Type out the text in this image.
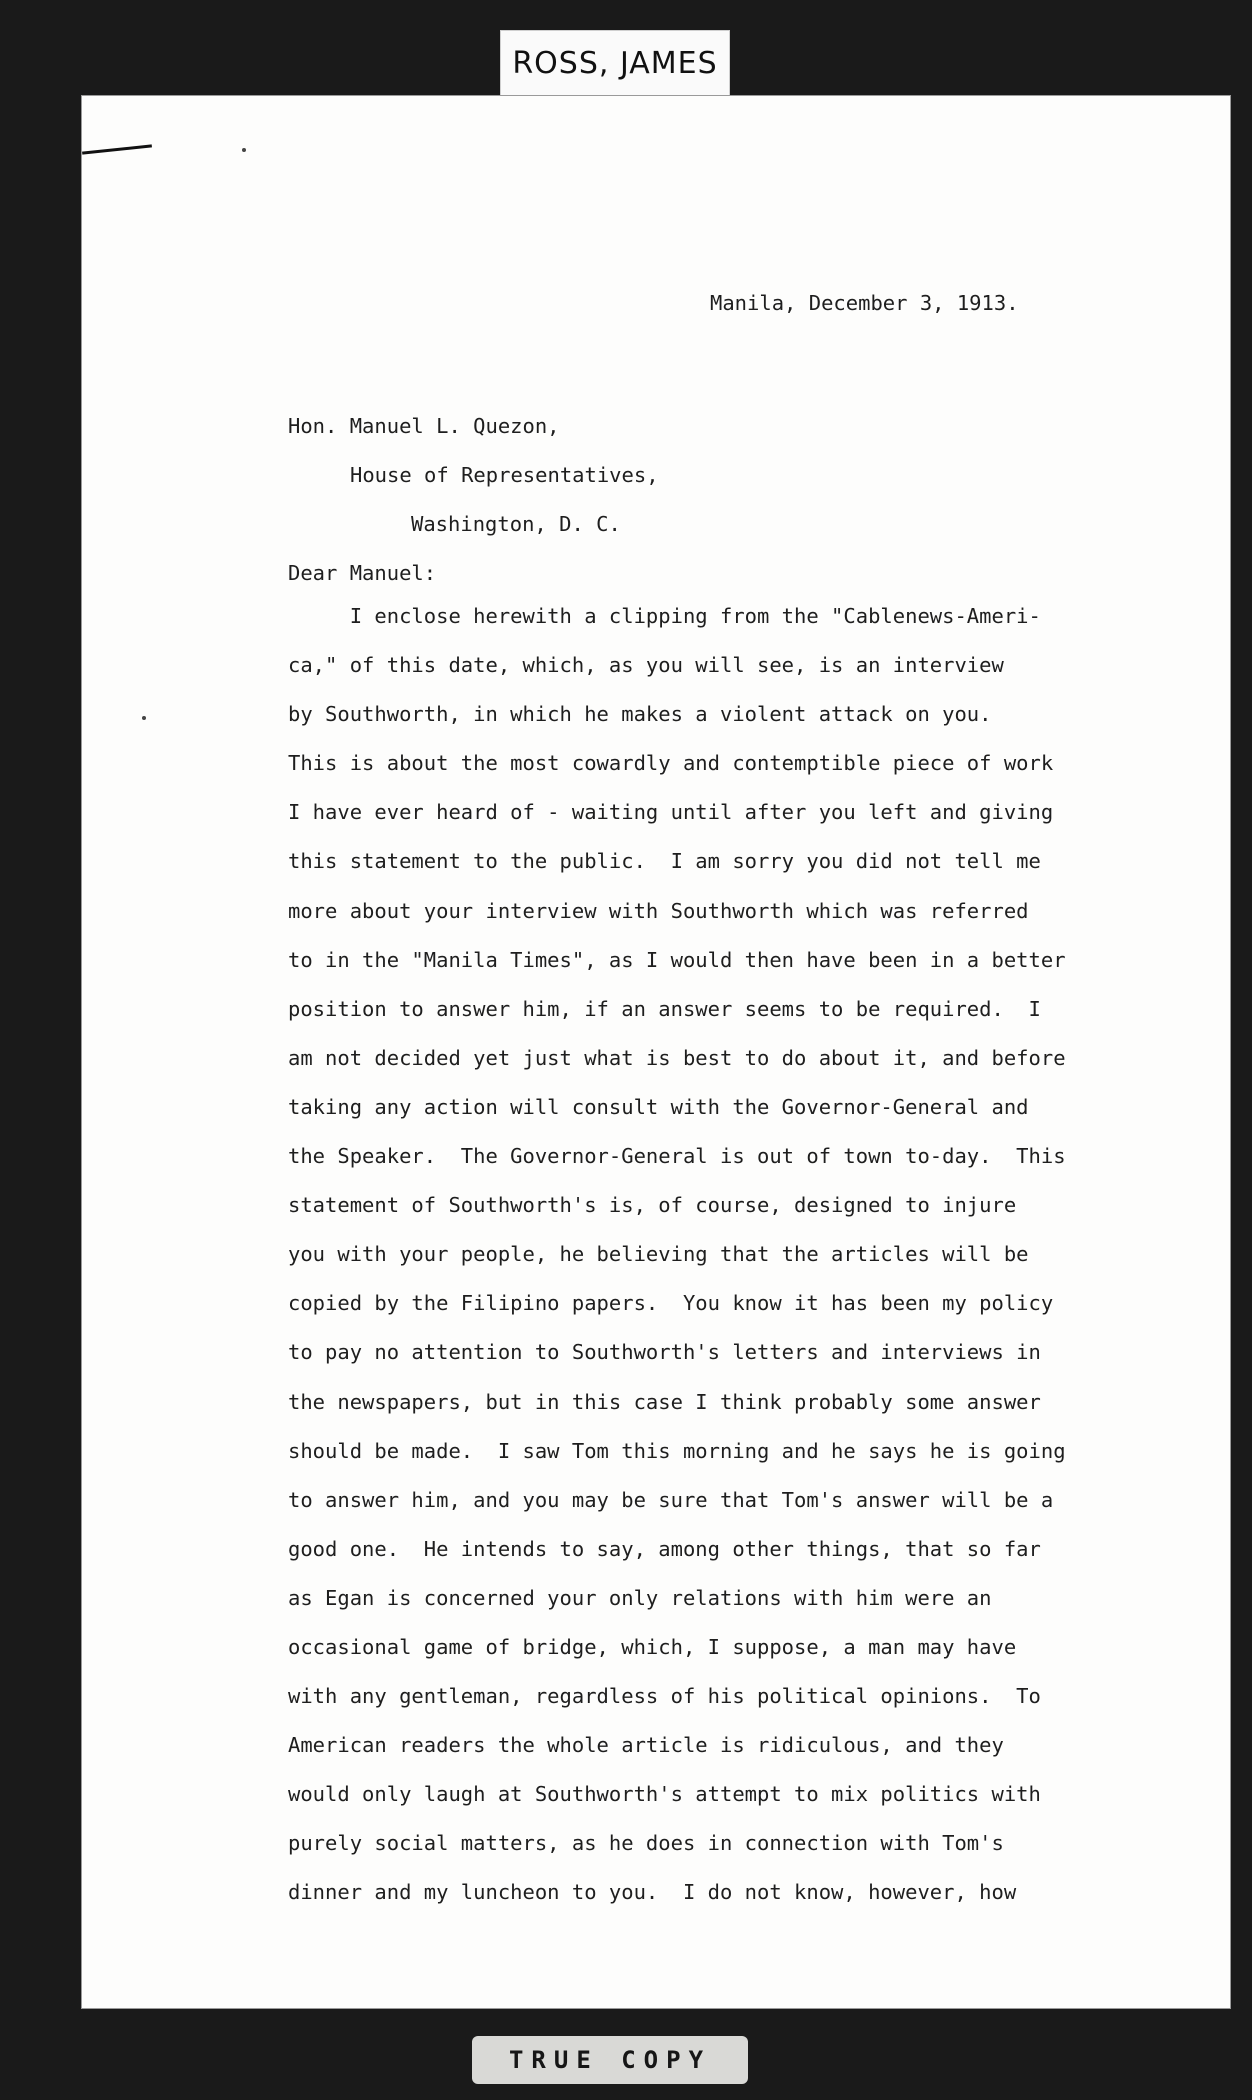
ROSS, JAMES
Manila, December 3, 1913.
Hon. Manuel L. Quezon,
House of Representatives,
Washington, D. C.
Dear Manuel:
I enclose herewith a clipping from the "Cablenews-Ameri-
ca," of this date, which, as you will see, is an interview
by Southworth, in which he makes a violent attack on you.
This is about the most cowardly and contemptible piece of work
I have ever heard of - waiting until after you left and giving
this statement to the public.  I am sorry you did not tell me
more about your interview with Southworth which was referred
to in the "Manila Times", as I would then have been in a better
position to answer him, if an answer seems to be required.  I
am not decided yet just what is best to do about it, and before
taking any action will consult with the Governor-General and
the Speaker.  The Governor-General is out of town to-day.  This
statement of Southworth's is, of course, designed to injure
you with your people, he believing that the articles will be
copied by the Filipino papers.  You know it has been my policy
to pay no attention to Southworth's letters and interviews in
the newspapers, but in this case I think probably some answer
should be made.  I saw Tom this morning and he says he is going
to answer him, and you may be sure that Tom's answer will be a
good one.  He intends to say, among other things, that so far
as Egan is concerned your only relations with him were an
occasional game of bridge, which, I suppose, a man may have
with any gentleman, regardless of his political opinions.  To
American readers the whole article is ridiculous, and they
would only laugh at Southworth's attempt to mix politics with
purely social matters, as he does in connection with Tom's
dinner and my luncheon to you.  I do not know, however, how
TRUE COPY
